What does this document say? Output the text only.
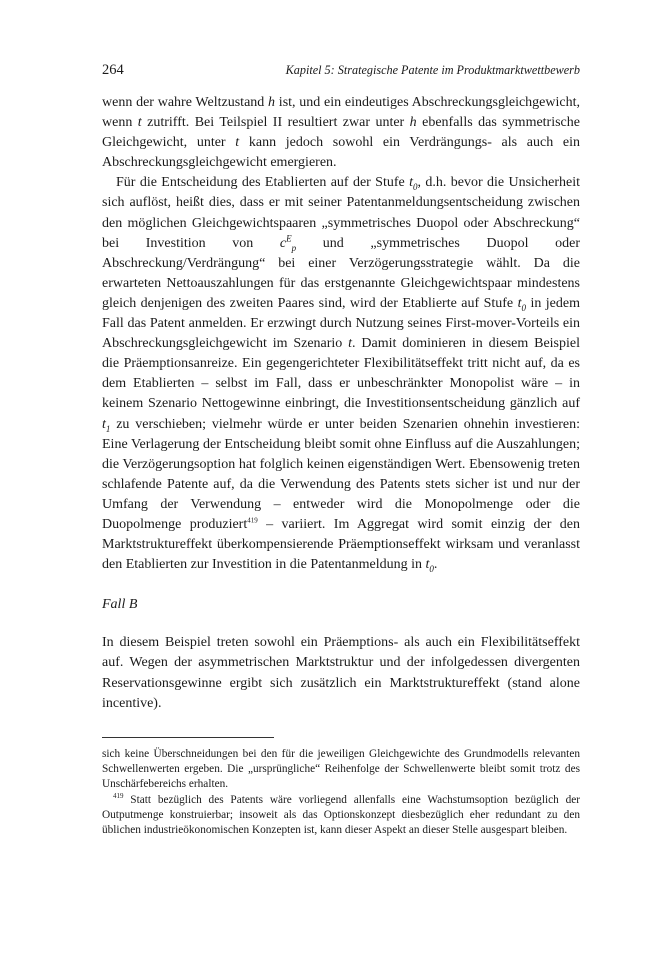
264	Kapitel 5: Strategische Patente im Produktmarktwettbewerb

wenn der wahre Weltzustand h ist, und ein eindeutiges Abschreckungsgleichgewicht, wenn t zutrifft. Bei Teilspiel II resultiert zwar unter h ebenfalls das symmetrische Gleichgewicht, unter t kann jedoch sowohl ein Verdrängungs- als auch ein Abschreckungsgleichgewicht emergieren.

Für die Entscheidung des Etablierten auf der Stufe $t_0$, d.h. bevor die Unsicherheit sich auflöst, heißt dies, dass er mit seiner Patentanmeldungsentscheidung zwischen den möglichen Gleichgewichtspaaren „symmetrisches Duopol oder Abschreckung“ bei Investition von $c^E_p$ und „symmetrisches Duopol oder Abschreckung/Verdrängung“ bei einer Verzögerungsstrategie wählt. Da die erwarteten Nettoauszahlungen für das erstgenannte Gleichgewichtspaar mindestens gleich denjenigen des zweiten Paares sind, wird der Etablierte auf Stufe $t_0$ in jedem Fall das Patent anmelden. Er erzwingt durch Nutzung seines First-mover-Vorteils ein Abschreckungsgleichgewicht im Szenario t. Damit dominieren in diesem Beispiel die Präemptionsanreize. Ein gegengerichteter Flexibilitätseffekt tritt nicht auf, da es dem Etablierten – selbst im Fall, dass er unbeschränkter Monopolist wäre – in keinem Szenario Nettogewinne einbringt, die Investitionsentscheidung gänzlich auf $t_1$ zu verschieben; vielmehr würde er unter beiden Szenarien ohnehin investieren: Eine Verlagerung der Entscheidung bleibt somit ohne Einfluss auf die Auszahlungen; die Verzögerungsoption hat folglich keinen eigenständigen Wert. Ebensowenig treten schlafende Patente auf, da die Verwendung des Patents stets sicher ist und nur der Umfang der Verwendung – entweder wird die Monopolmenge oder die Duopolmenge produziert$^{419}$ – variiert. Im Aggregat wird somit einzig der den Marktstruktureffekt überkompensierende Präemptionseffekt wirksam und veranlasst den Etablierten zur Investition in die Patentanmeldung in $t_0$.

Fall B

In diesem Beispiel treten sowohl ein Präemptions- als auch ein Flexibilitätseffekt auf. Wegen der asymmetrischen Marktstruktur und der infolgedessen divergenten Reservationsgewinne ergibt sich zusätzlich ein Marktstruktureffekt (stand alone incentive).

sich keine Überschneidungen bei den für die jeweiligen Gleichgewichte des Grundmodells relevanten Schwellenwerten ergeben. Die „ursprüngliche“ Reihenfolge der Schwellenwerte bleibt somit trotz des Unschärfebereichs erhalten.

$^{419}$ Statt bezüglich des Patents wäre vorliegend allenfalls eine Wachstumsoption bezüglich der Outputmenge konstruierbar; insoweit als das Optionskonzept diesbezüglich eher redundant zu den üblichen industrieökonomischen Konzepten ist, kann dieser Aspekt an dieser Stelle ausgespart bleiben.
